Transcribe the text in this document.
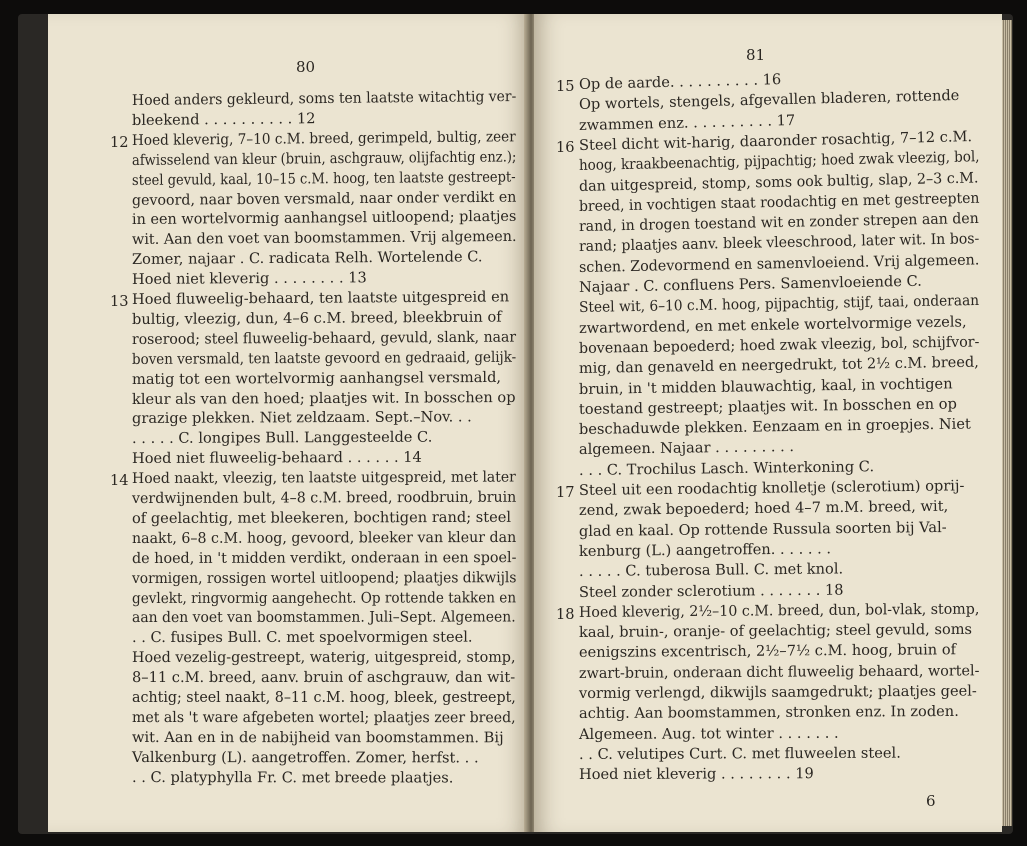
80
Hoed anders gekleurd, soms ten laatste witachtig ver-
bleekend . . . . . . . . . . 12
12 Hoed kleverig, 7–10 c.M. breed, gerimpeld, bultig, zeer
afwisselend van kleur (bruin, aschgrauw, olijfachtig enz.);
steel gevuld, kaal, 10–15 c.M. hoog, ten laatste gestreept-
gevoord, naar boven versmald, naar onder verdikt en
in een wortelvormig aanhangsel uitloopend; plaatjes
wit. Aan den voet van boomstammen. Vrij algemeen.
Zomer, najaar . C. radicata Relh. Wortelende C.
Hoed niet kleverig . . . . . . . . 13
13 Hoed fluweelig-behaard, ten laatste uitgespreid en
bultig, vleezig, dun, 4–6 c.M. breed, bleekbruin of
roserood; steel fluweelig-behaard, gevuld, slank, naar
boven versmald, ten laatste gevoord en gedraaid, gelijk-
matig tot een wortelvormig aanhangsel versmald,
kleur als van den hoed; plaatjes wit. In bosschen op
grazige plekken. Niet zeldzaam. Sept.–Nov. . .
. . . . . C. longipes Bull. Langgesteelde C.
Hoed niet fluweelig-behaard . . . . . . 14
14 Hoed naakt, vleezig, ten laatste uitgespreid, met later
verdwijnenden bult, 4–8 c.M. breed, roodbruin, bruin
of geelachtig, met bleekeren, bochtigen rand; steel
naakt, 6–8 c.M. hoog, gevoord, bleeker van kleur dan
de hoed, in 't midden verdikt, onderaan in een spoel-
vormigen, rossigen wortel uitloopend; plaatjes dikwijls
gevlekt, ringvormig aangehecht. Op rottende takken en
aan den voet van boomstammen. Juli–Sept. Algemeen.
. . C. fusipes Bull. C. met spoelvormigen steel.
Hoed vezelig-gestreept, waterig, uitgespreid, stomp,
8–11 c.M. breed, aanv. bruin of aschgrauw, dan wit-
achtig; steel naakt, 8–11 c.M. hoog, bleek, gestreept,
met als 't ware afgebeten wortel; plaatjes zeer breed,
wit. Aan en in de nabijheid van boomstammen. Bij
Valkenburg (L). aangetroffen. Zomer, herfst. . .
. . C. platyphylla Fr. C. met breede plaatjes.
81
15 Op de aarde. . . . . . . . . . 16
Op wortels, stengels, afgevallen bladeren, rottende
zwammen enz. . . . . . . . . . 17
16 Steel dicht wit-harig, daaronder rosachtig, 7–12 c.M.
hoog, kraakbeenachtig, pijpachtig; hoed zwak vleezig, bol,
dan uitgespreid, stomp, soms ook bultig, slap, 2–3 c.M.
breed, in vochtigen staat roodachtig en met gestreepten
rand, in drogen toestand wit en zonder strepen aan den
rand; plaatjes aanv. bleek vleeschrood, later wit. In bos-
schen. Zodevormend en samenvloeiend. Vrij algemeen.
Najaar . C. confluens Pers. Samenvloeiende C.
Steel wit, 6–10 c.M. hoog, pijpachtig, stijf, taai, onderaan
zwartwordend, en met enkele wortelvormige vezels,
bovenaan bepoederd; hoed zwak vleezig, bol, schijfvor-
mig, dan genaveld en neergedrukt, tot 2½ c.M. breed,
bruin, in 't midden blauwachtig, kaal, in vochtigen
toestand gestreept; plaatjes wit. In bosschen en op
beschaduwde plekken. Eenzaam en in groepjes. Niet
algemeen. Najaar . . . . . . . . .
. . . C. Trochilus Lasch. Winterkoning C.
17 Steel uit een roodachtig knolletje (sclerotium) oprij-
zend, zwak bepoederd; hoed 4–7 m.M. breed, wit,
glad en kaal. Op rottende Russula soorten bij Val-
kenburg (L.) aangetroffen. . . . . . .
. . . . . C. tuberosa Bull. C. met knol.
Steel zonder sclerotium . . . . . . . 18
18 Hoed kleverig, 2½–10 c.M. breed, dun, bol-vlak, stomp,
kaal, bruin-, oranje- of geelachtig; steel gevuld, soms
eenigszins excentrisch, 2½–7½ c.M. hoog, bruin of
zwart-bruin, onderaan dicht fluweelig behaard, wortel-
vormig verlengd, dikwijls saamgedrukt; plaatjes geel-
achtig. Aan boomstammen, stronken enz. In zoden.
Algemeen. Aug. tot winter . . . . . . .
. . C. velutipes Curt. C. met fluweelen steel.
Hoed niet kleverig . . . . . . . . 19
6
